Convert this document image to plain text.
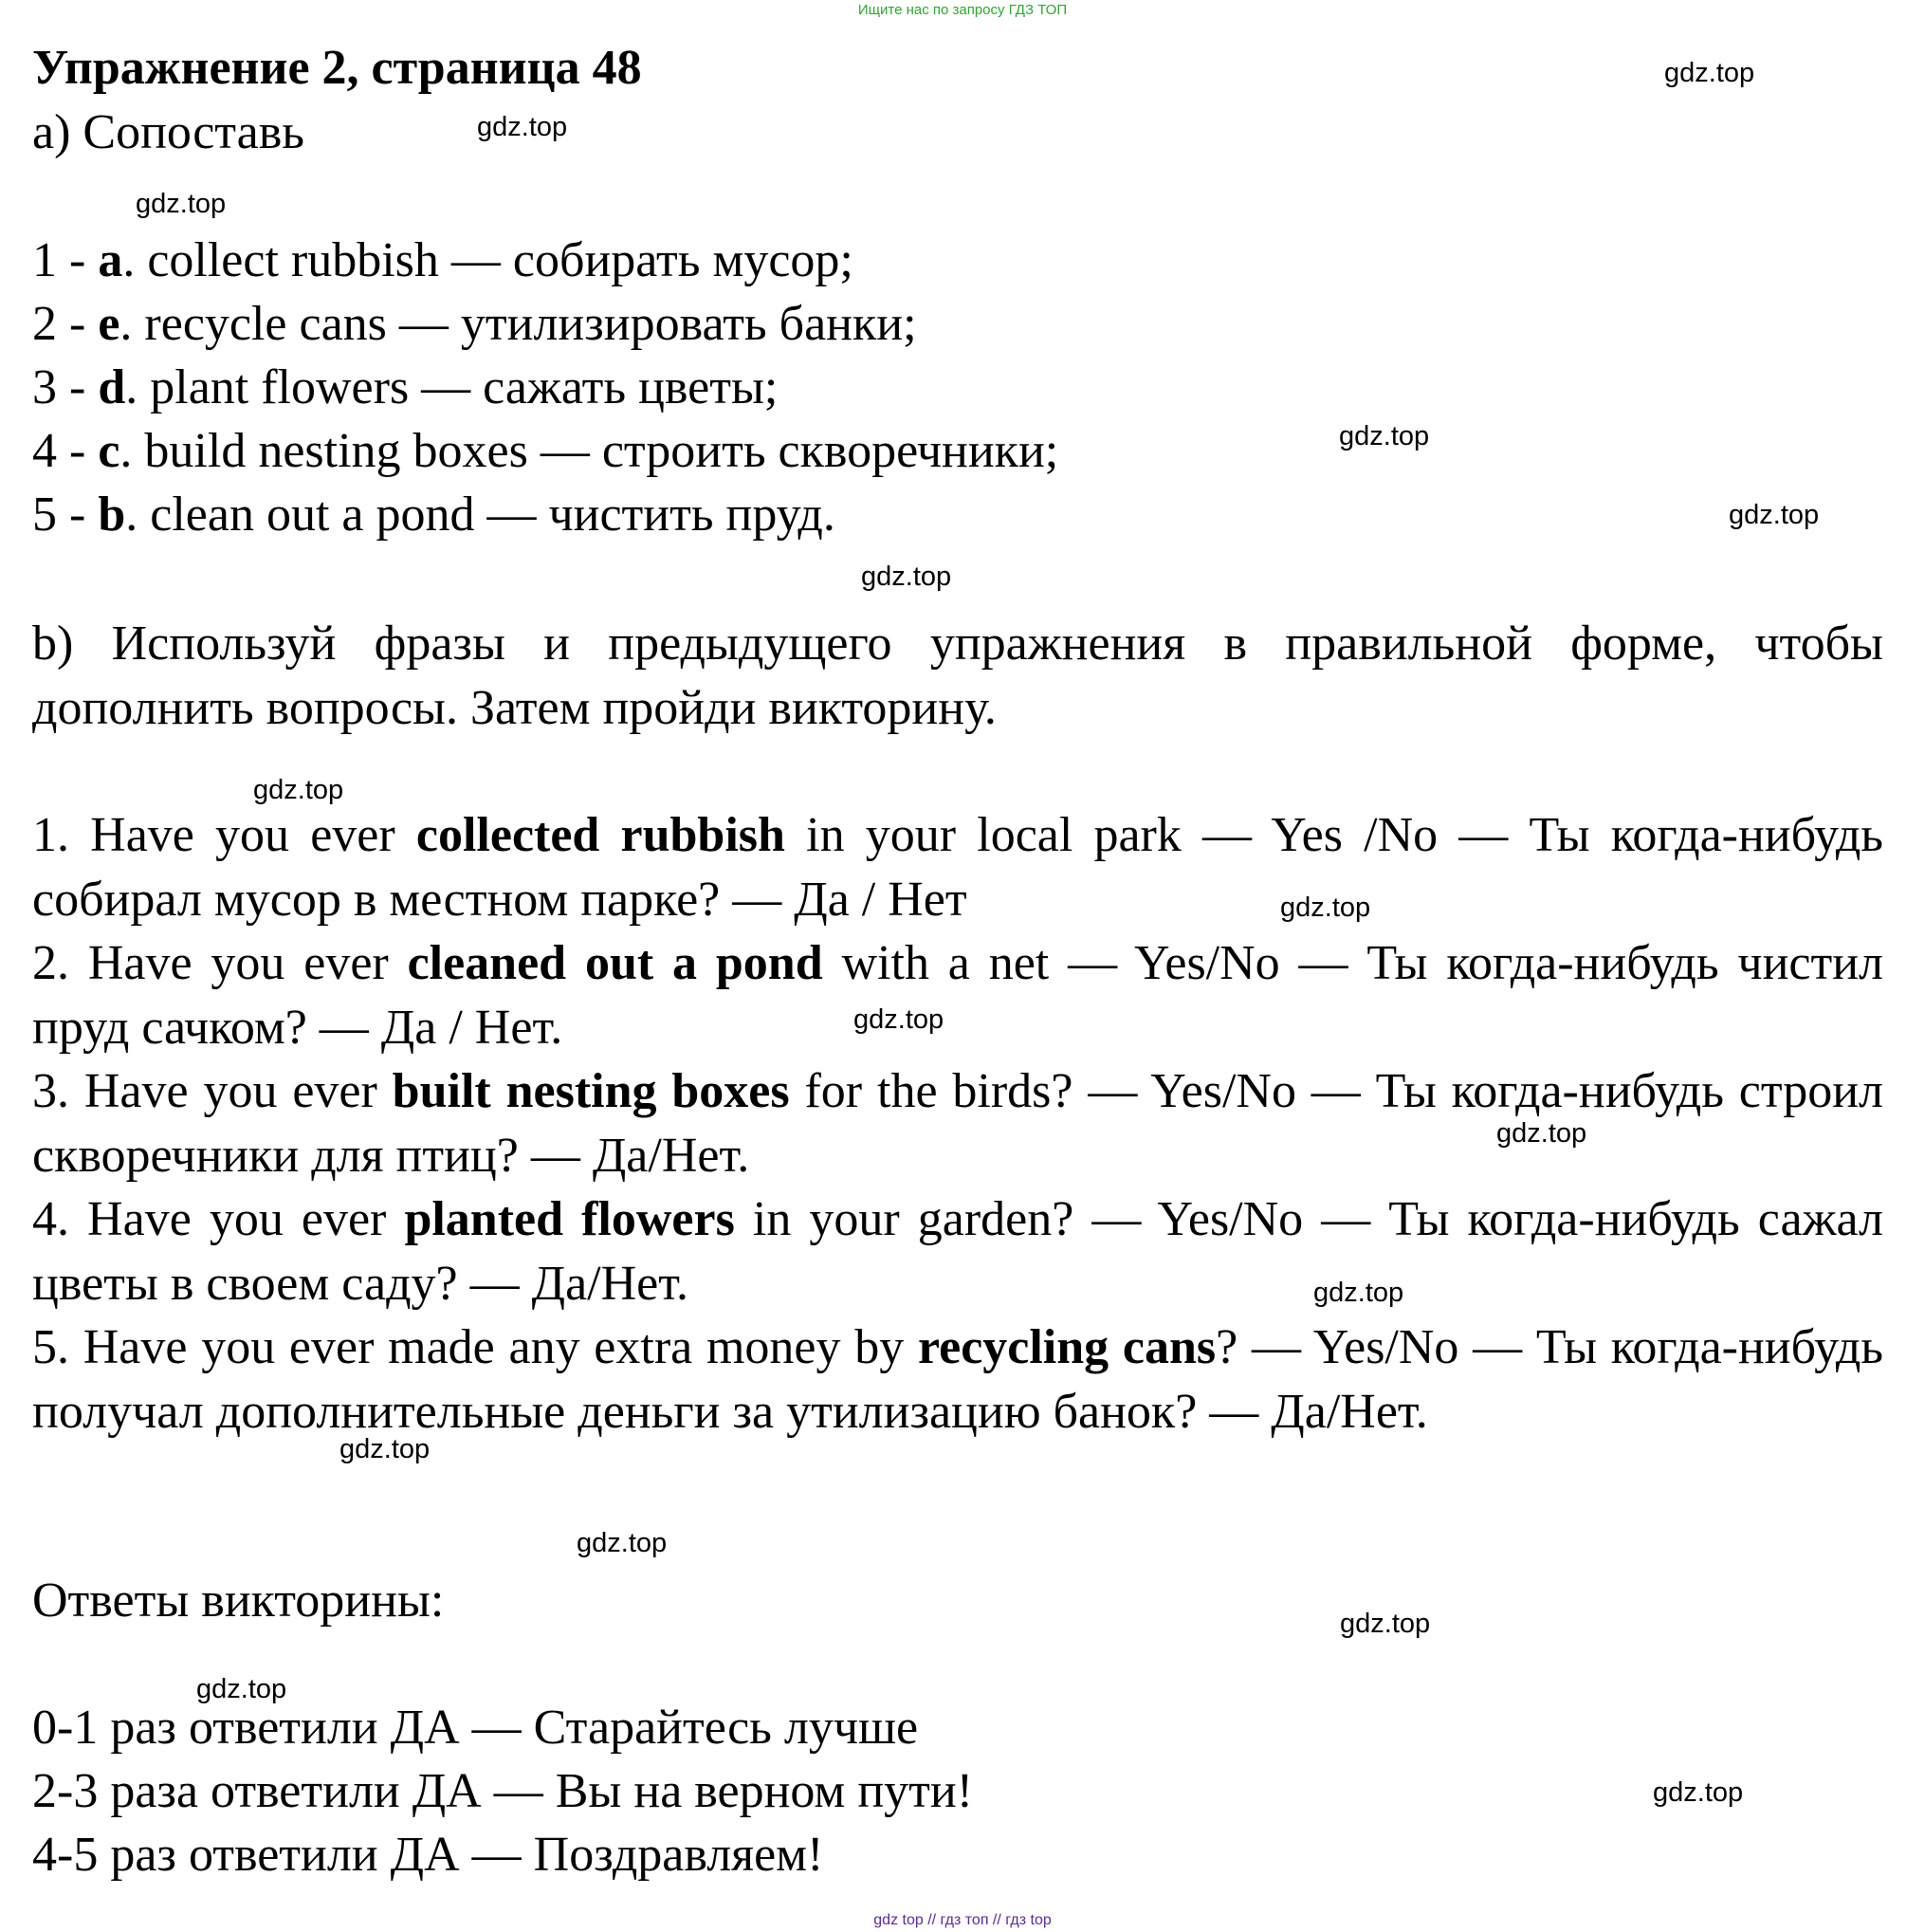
Ищите нас по запросу ГДЗ ТОП
Упражнение 2, страница 48
a) Сопоставь
1 - a. collect rubbish — собирать мусор;
2 - e. recycle cans — утилизировать банки;
3 - d. plant flowers — сажать цветы;
4 - c. build nesting boxes — строить скворечники;
5 - b. clean out a pond — чистить пруд.
b) Используй фразы и предыдущего упражнения в правильной форме, чтобы дополнить вопросы. Затем пройди викторину.
1. Have you ever collected rubbish in your local park — Yes /No — Ты когда-нибудь собирал мусор в местном парке? — Да / Нет
2. Have you ever cleaned out a pond with a net — Yes/No — Ты когда-нибудь чистил пруд сачком? — Да / Нет.
3. Have you ever built nesting boxes for the birds? — Yes/No — Ты когда-нибудь строил скворечники для птиц? — Да/Нет.
4. Have you ever planted flowers in your garden? — Yes/No — Ты когда-нибудь сажал цветы в своем саду? — Да/Нет.
5. Have you ever made any extra money by recycling cans? — Yes/No — Ты когда-нибудь получал дополнительные деньги за утилизацию банок? — Да/Нет.
Ответы викторины:
0-1 раз ответили ДА — Старайтесь лучше
2-3 раза ответили ДА — Вы на верном пути!
4-5 раз ответили ДА — Поздравляем!
gdz.top
gdz.top
gdz.top
gdz.top
gdz.top
gdz.top
gdz.top
gdz.top
gdz.top
gdz.top
gdz.top
gdz.top
gdz.top
gdz.top
gdz.top
gdz.top
gdz top // гдз топ // гдз top
